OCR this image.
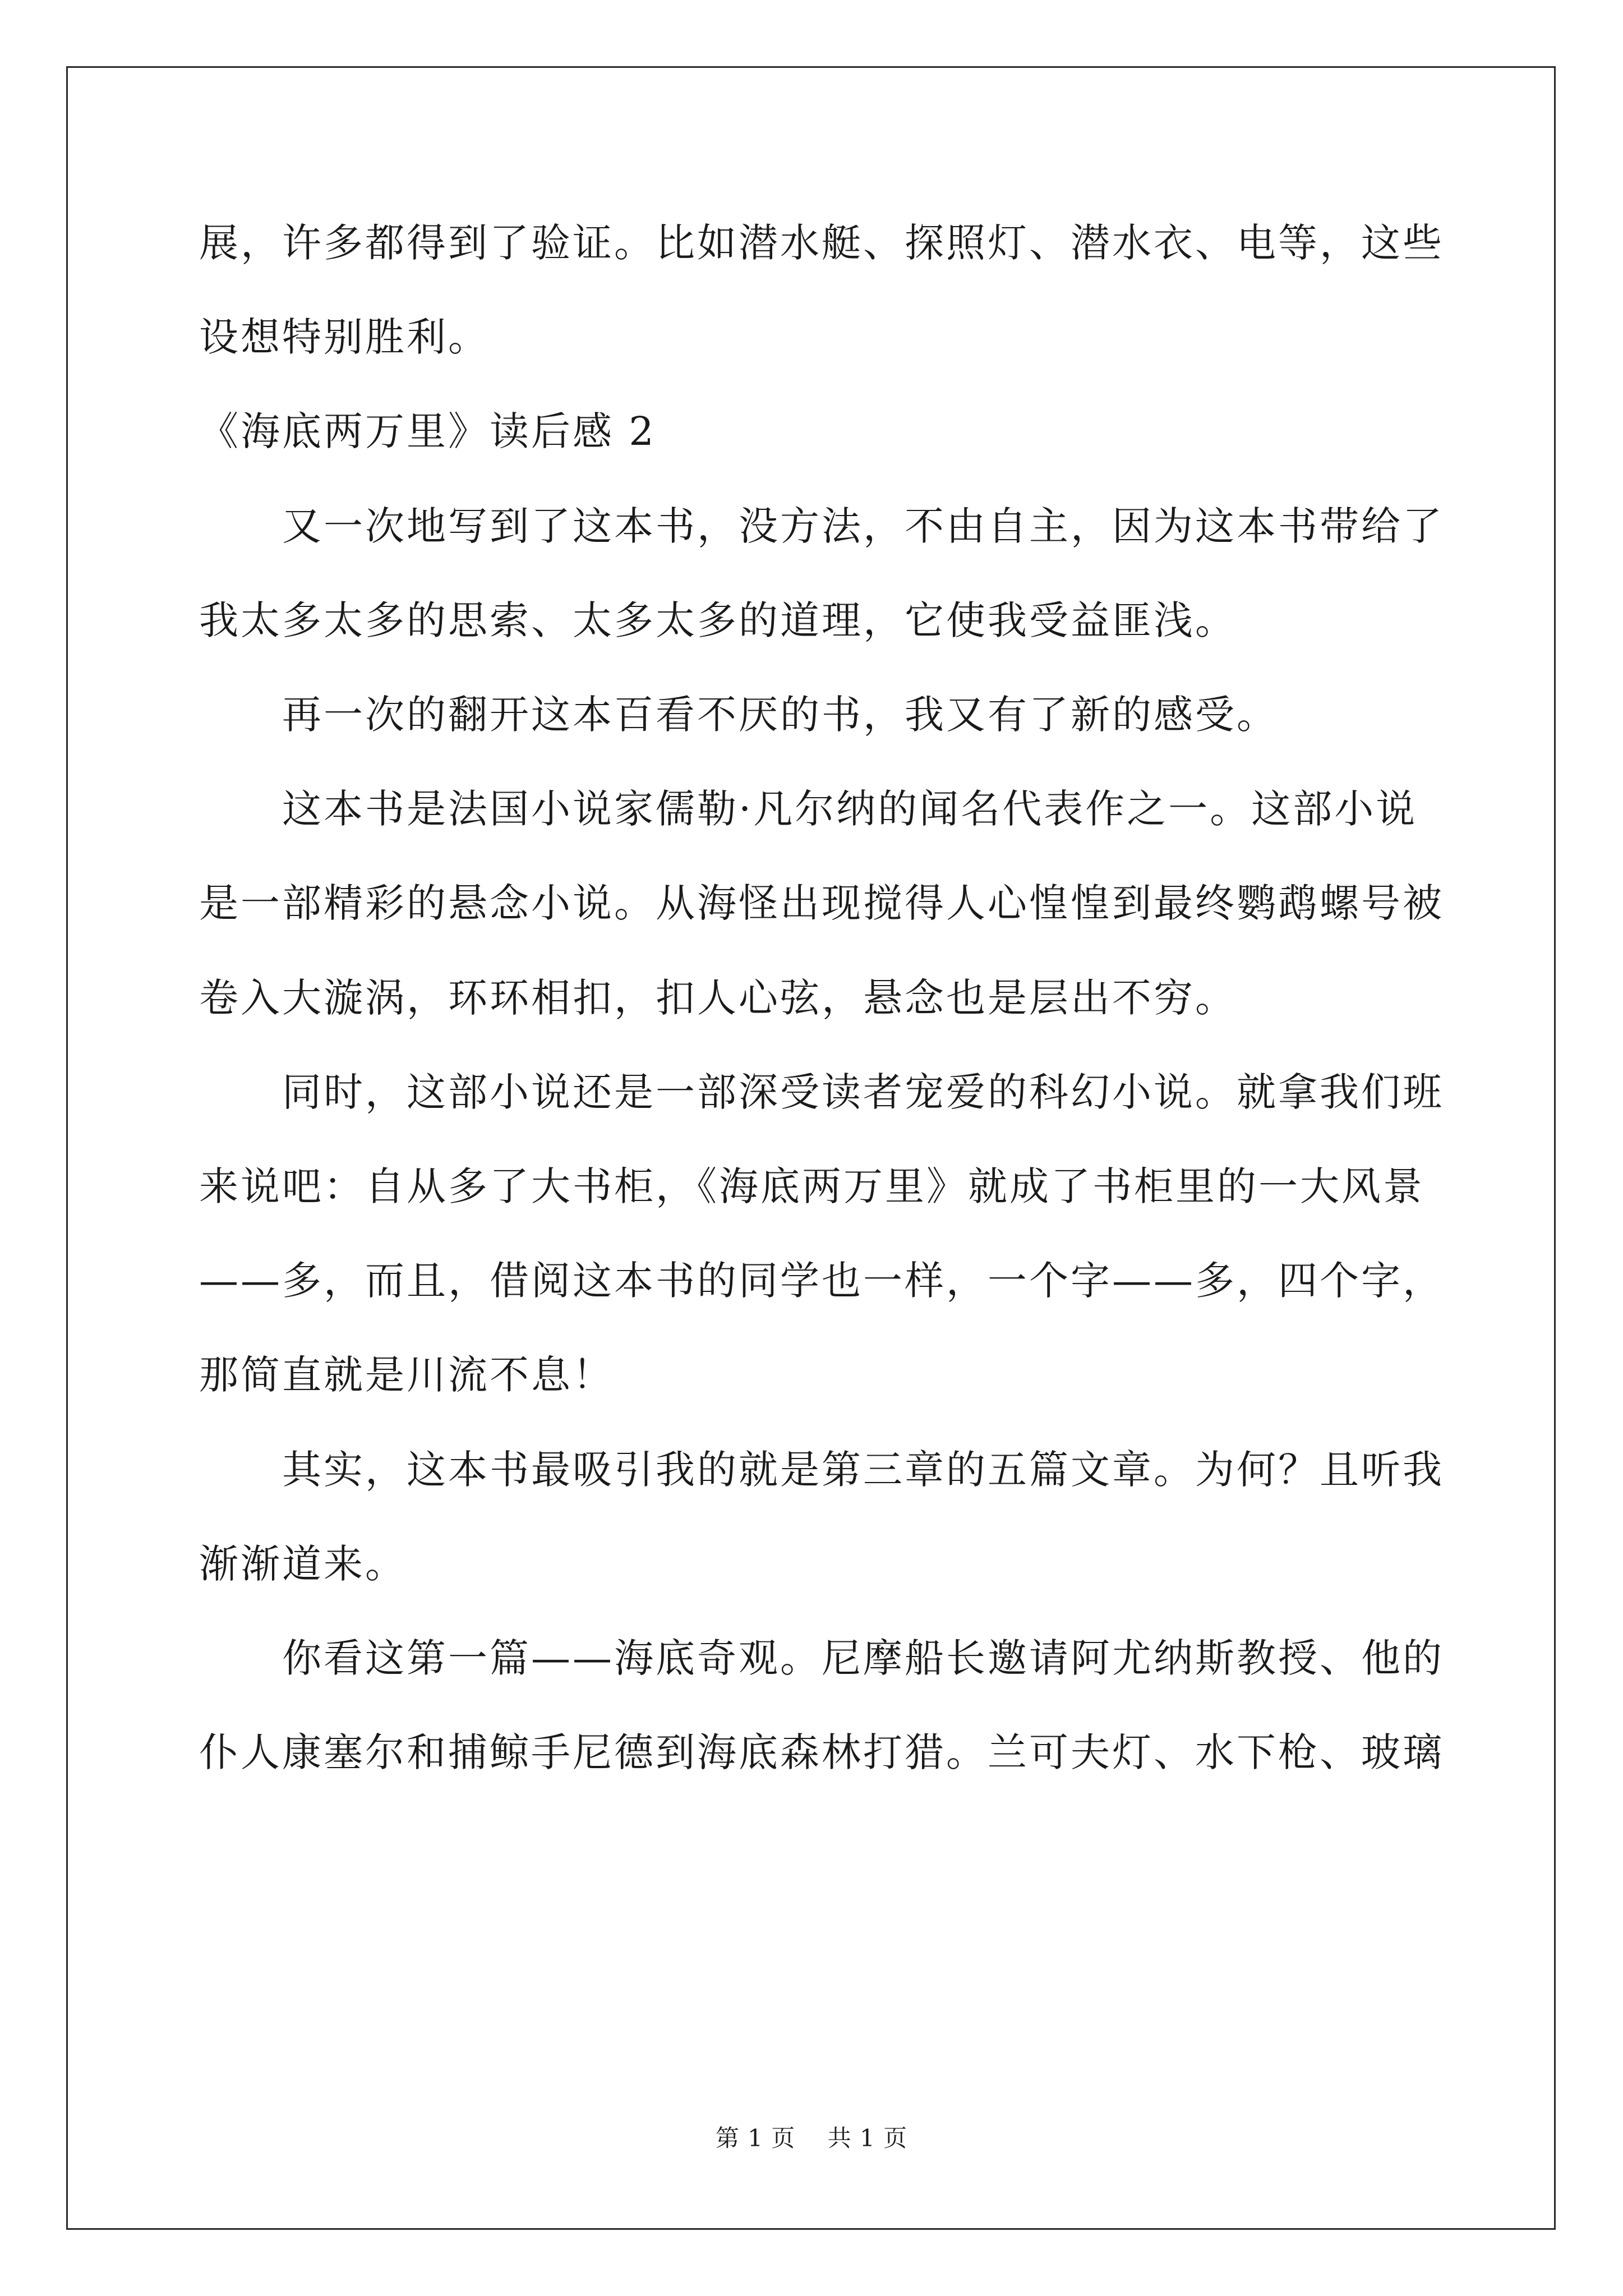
展，许多都得到了验证。比如潜水艇、探照灯、潜水衣、电等，这些
设想特别胜利。
《海底两万里》读后感 2
又一次地写到了这本书，没方法，不由自主，因为这本书带给了
我太多太多的思索、太多太多的道理，它使我受益匪浅。
再一次的翻开这本百看不厌的书，我又有了新的感受。
这本书是法国小说家儒勒·凡尔纳的闻名代表作之一。这部小说
是一部精彩的悬念小说。从海怪出现搅得人心惶惶到最终鹦鹉螺号被
卷入大漩涡，环环相扣，扣人心弦，悬念也是层出不穷。
同时，这部小说还是一部深受读者宠爱的科幻小说。就拿我们班
来说吧：自从多了大书柜，《海底两万里》就成了书柜里的一大风景
——多，而且，借阅这本书的同学也一样，一个字——多，四个字，
那简直就是川流不息！
其实，这本书最吸引我的就是第三章的五篇文章。为何？且听我
渐渐道来。
你看这第一篇——海底奇观。尼摩船长邀请阿尤纳斯教授、他的
仆人康塞尔和捕鲸手尼德到海底森林打猎。兰可夫灯、水下枪、玻璃
第 1 页 共 1 页
